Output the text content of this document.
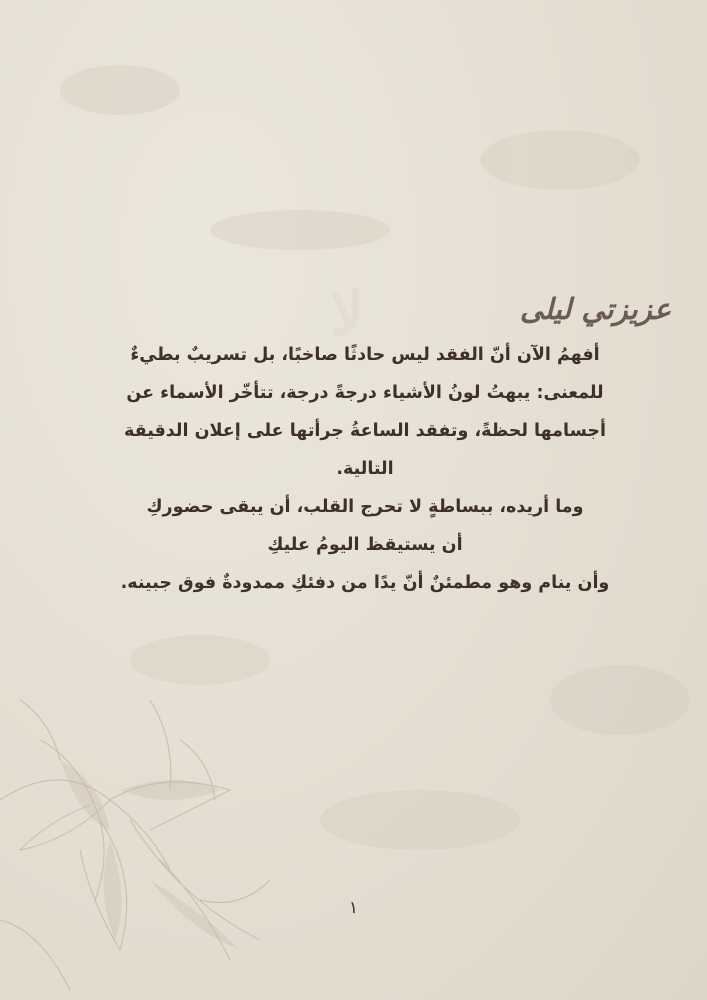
ﻻ	عزيزتي ليلى

أفهمُ الآن أنّ الفقد ليس حادثًا صاخبًا، بل تسريبٌ بطيءٌ
للمعنى: يبهتُ لونُ الأشياء درجةً درجة، تتأخّر الأسماء عن
أجسامها لحظةً، وتفقد الساعةُ جرأتها على إعلان الدقيقة
التالية.
وما أريده، ببساطةٍ لا تحرج القلب، أن يبقى حضوركِ
أن يستيقظ اليومُ عليكِ
وأن ينام وهو مطمئنٌ أنّ يدًا من دفئكِ ممدودةٌ فوق جبينه.

١
